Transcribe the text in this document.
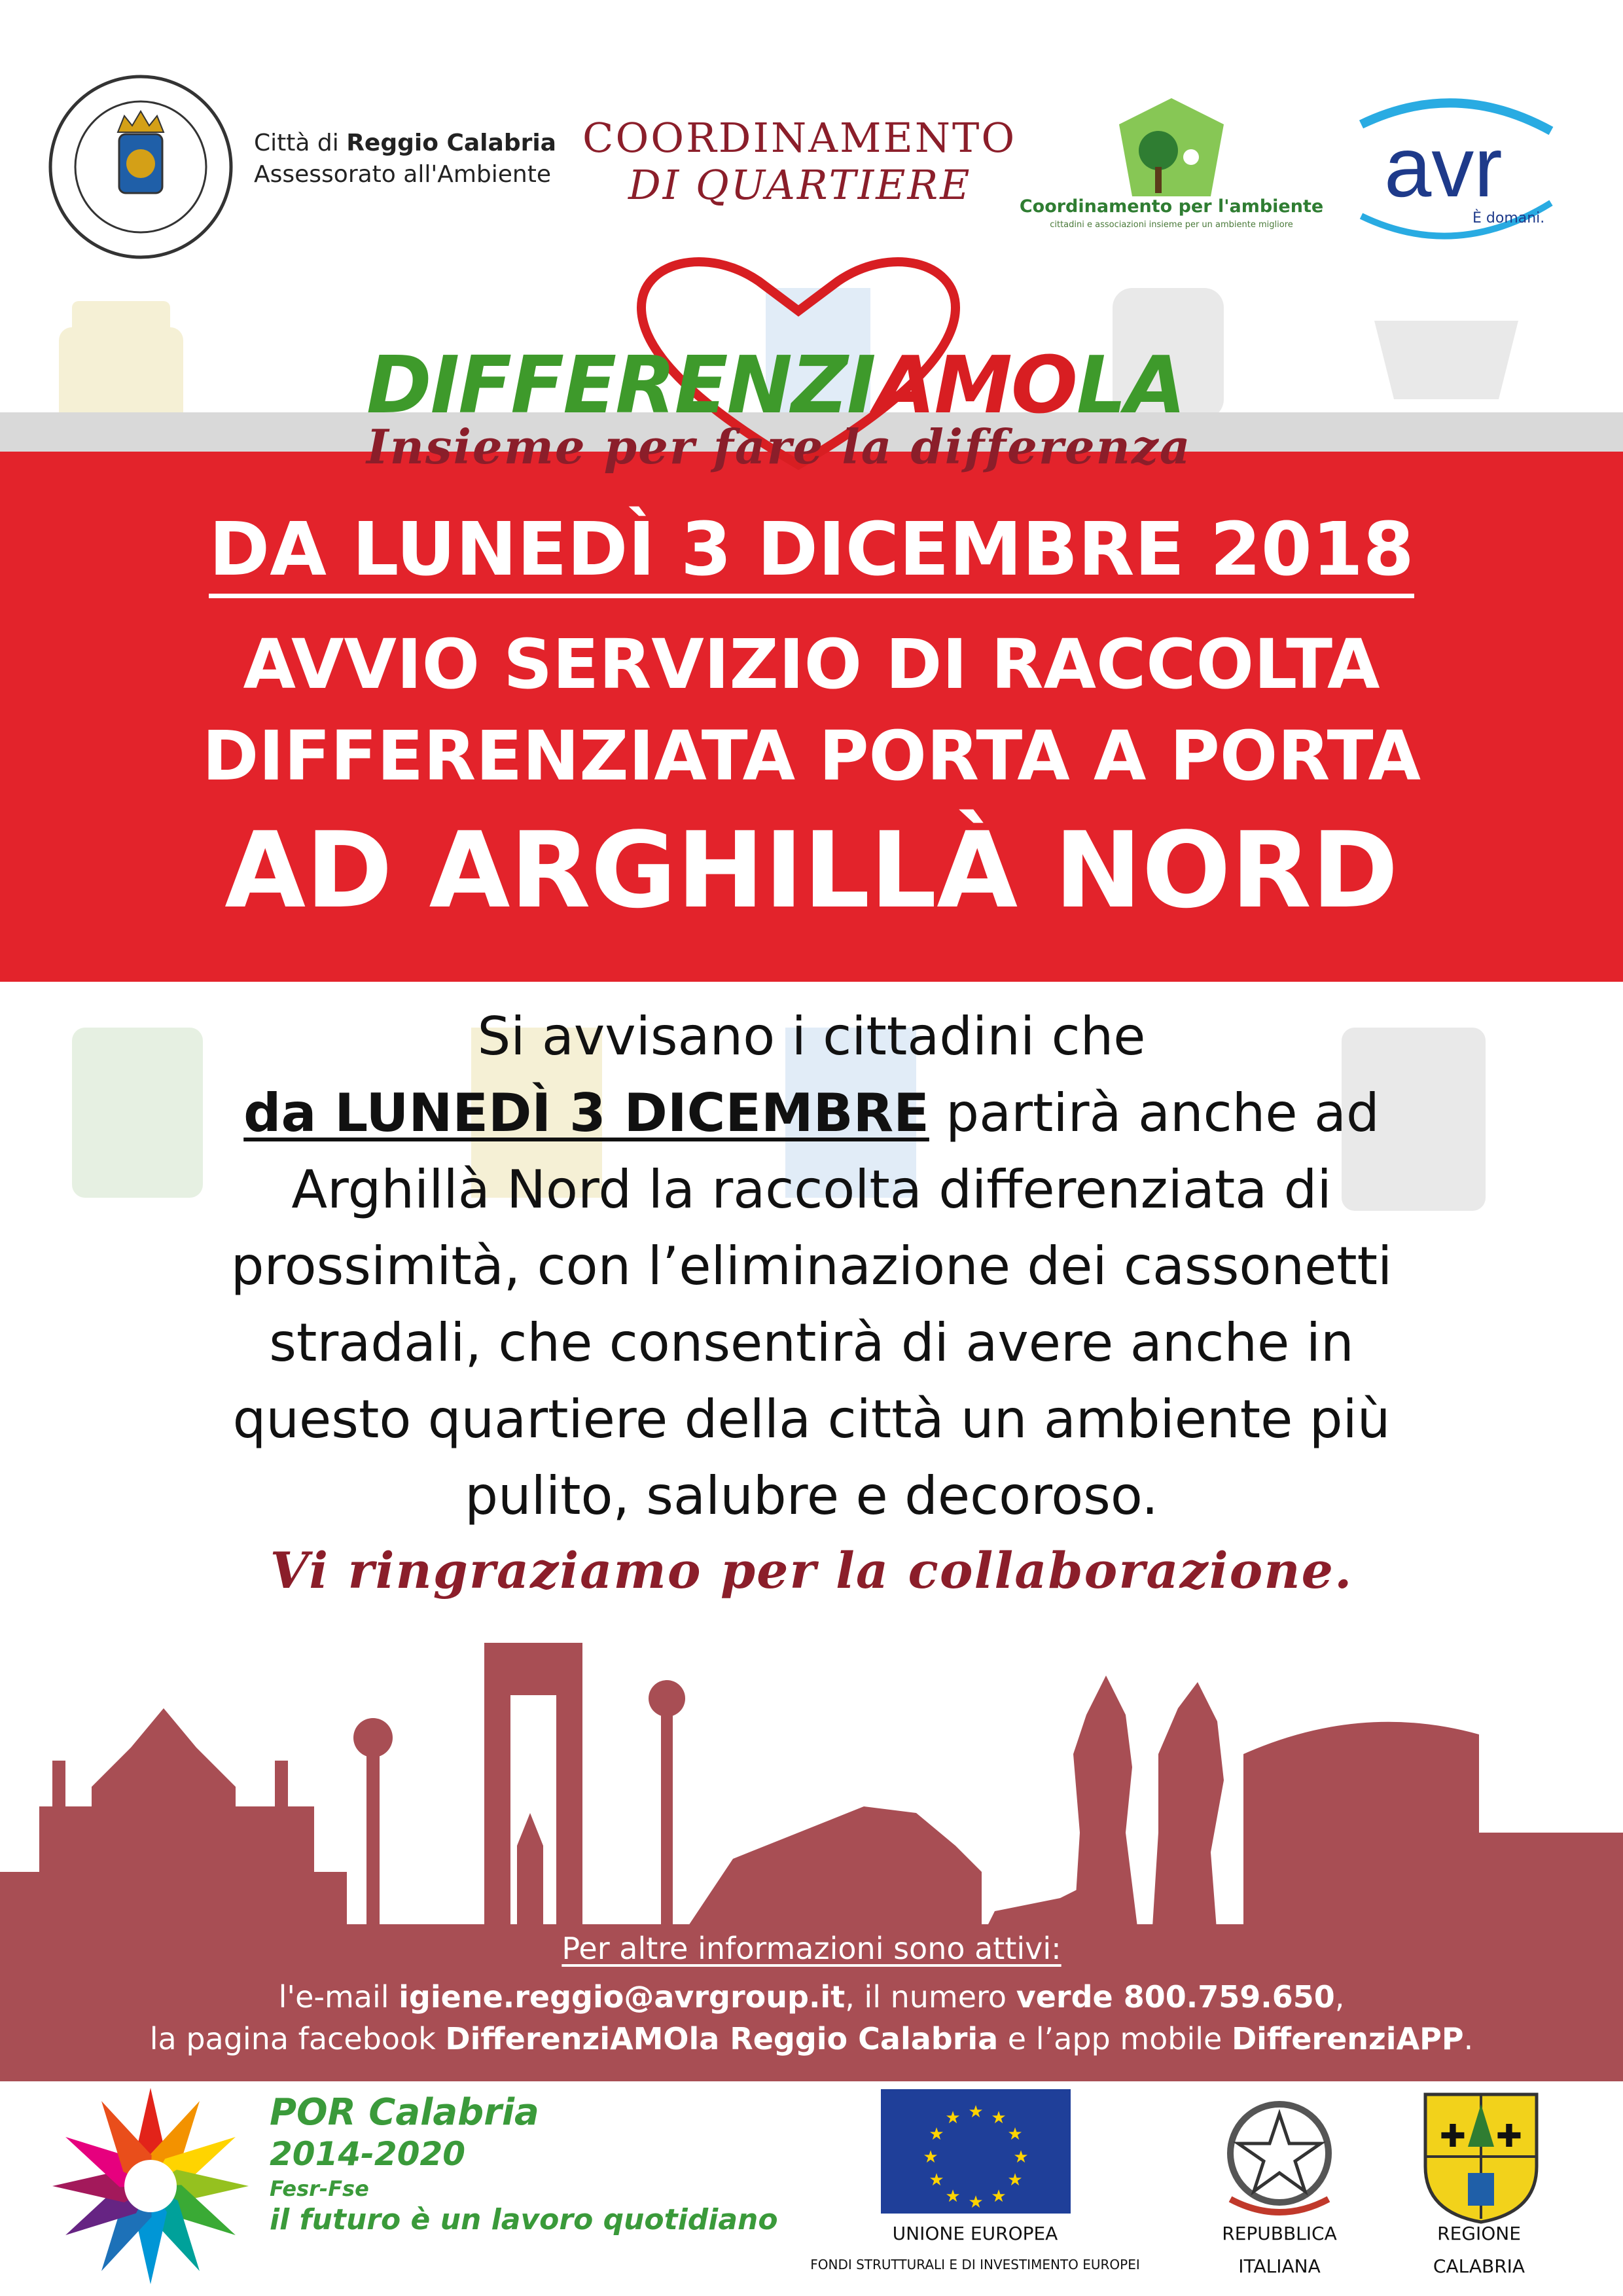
Città di Reggio Calabria
Assessorato all'Ambiente
COORDINAMENTO
DI QUARTIERE	Coordinamento per l'ambiente
cittadini e associazioni insieme per un ambiente migliore
avr
È domani.
DIFFERENZIAMOLA
Insieme per fare la differenza
DA LUNEDÌ 3 DICEMBRE 2018
AVVIO SERVIZIO DI RACCOLTA
DIFFERENZIATA PORTA A PORTA
AD ARGHILLÀ NORD
Si avvisano i cittadini che
da LUNEDÌ 3 DICEMBRE partirà anche ad
Arghillà Nord la raccolta differenziata di
prossimità, con l’eliminazione dei cassonetti
stradali, che consentirà di avere anche in
questo quartiere della città un ambiente più
pulito, salubre e decoroso.
Vi ringraziamo per la collaborazione.
Per altre informazioni sono attivi:
l'e-mail igiene.reggio@avrgroup.it, il numero verde 800.759.650,
la pagina facebook DifferenziAMOla Reggio Calabria e l’app mobile DifferenziAPP.
POR Calabria
2014-2020
Fesr-Fse
il futuro è un lavoro quotidiano
★ ★
★
★
★
★
★
★
★
★
★
★
UNIONE EUROPEA
FONDI STRUTTURALI E DI INVESTIMENTO EUROPEI
REPUBBLICA
ITALIANA
✚ ✚
REGIONE
CALABRIA
